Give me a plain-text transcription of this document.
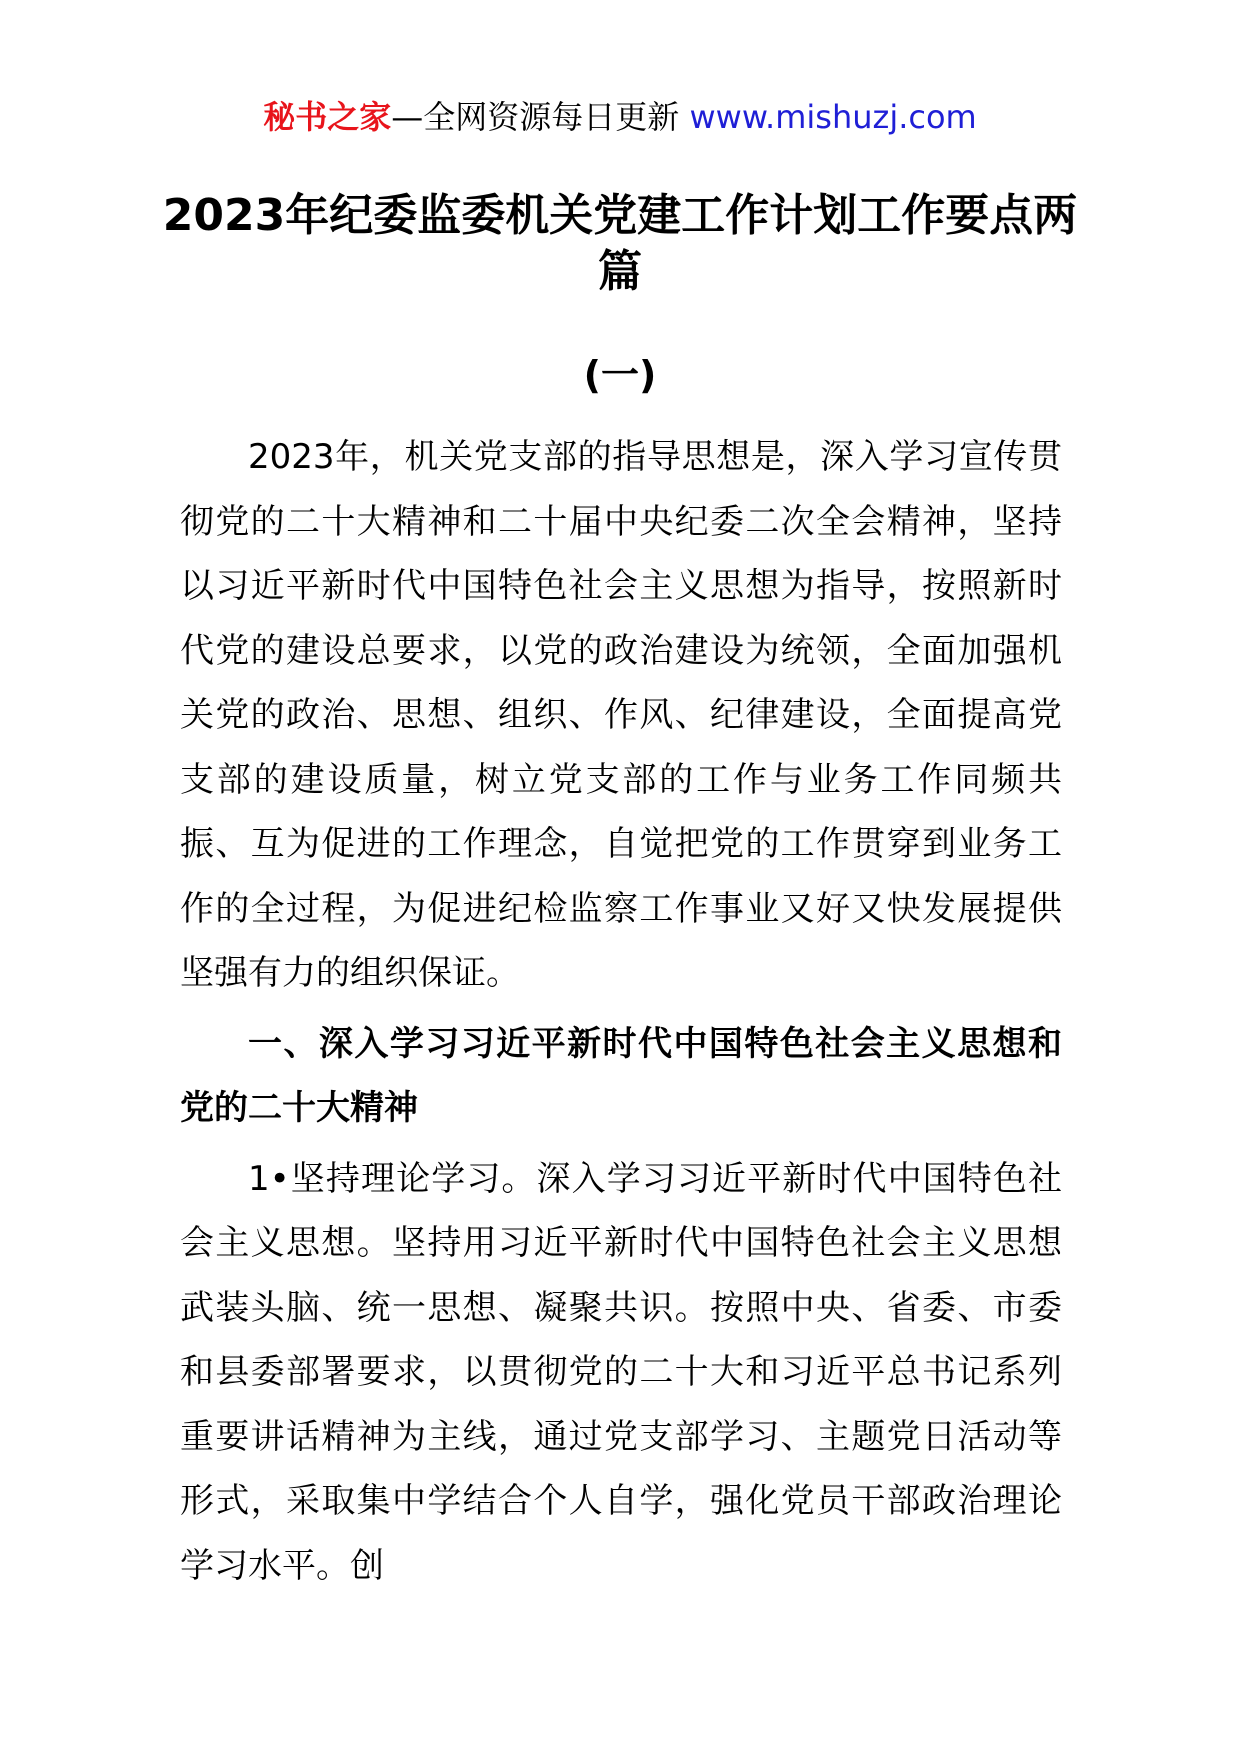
秘书之家—全网资源每日更新 www.mishuzj.com
2023年纪委监委机关党建工作计划工作要点两篇
(一)

2023年，机关党支部的指导思想是，深入学习宣传贯彻党的二十大精神和二十届中央纪委二次全会精神，坚持以习近平新时代中国特色社会主义思想为指导，按照新时代党的建设总要求，以党的政治建设为统领，全面加强机关党的政治、思想、组织、作风、纪律建设，全面提高党支部的建设质量，树立党支部的工作与业务工作同频共振、互为促进的工作理念，自觉把党的工作贯穿到业务工作的全过程，为促进纪检监察工作事业又好又快发展提供坚强有力的组织保证。

一、深入学习习近平新时代中国特色社会主义思想和党的二十大精神

1•坚持理论学习。深入学习习近平新时代中国特色社会主义思想。坚持用习近平新时代中国特色社会主义思想武装头脑、统一思想、凝聚共识。按照中央、省委、市委和县委部署要求，以贯彻党的二十大和习近平总书记系列重要讲话精神为主线，通过党支部学习、主题党日活动等形式，采取集中学结合个人自学，强化党员干部政治理论学习水平。创
